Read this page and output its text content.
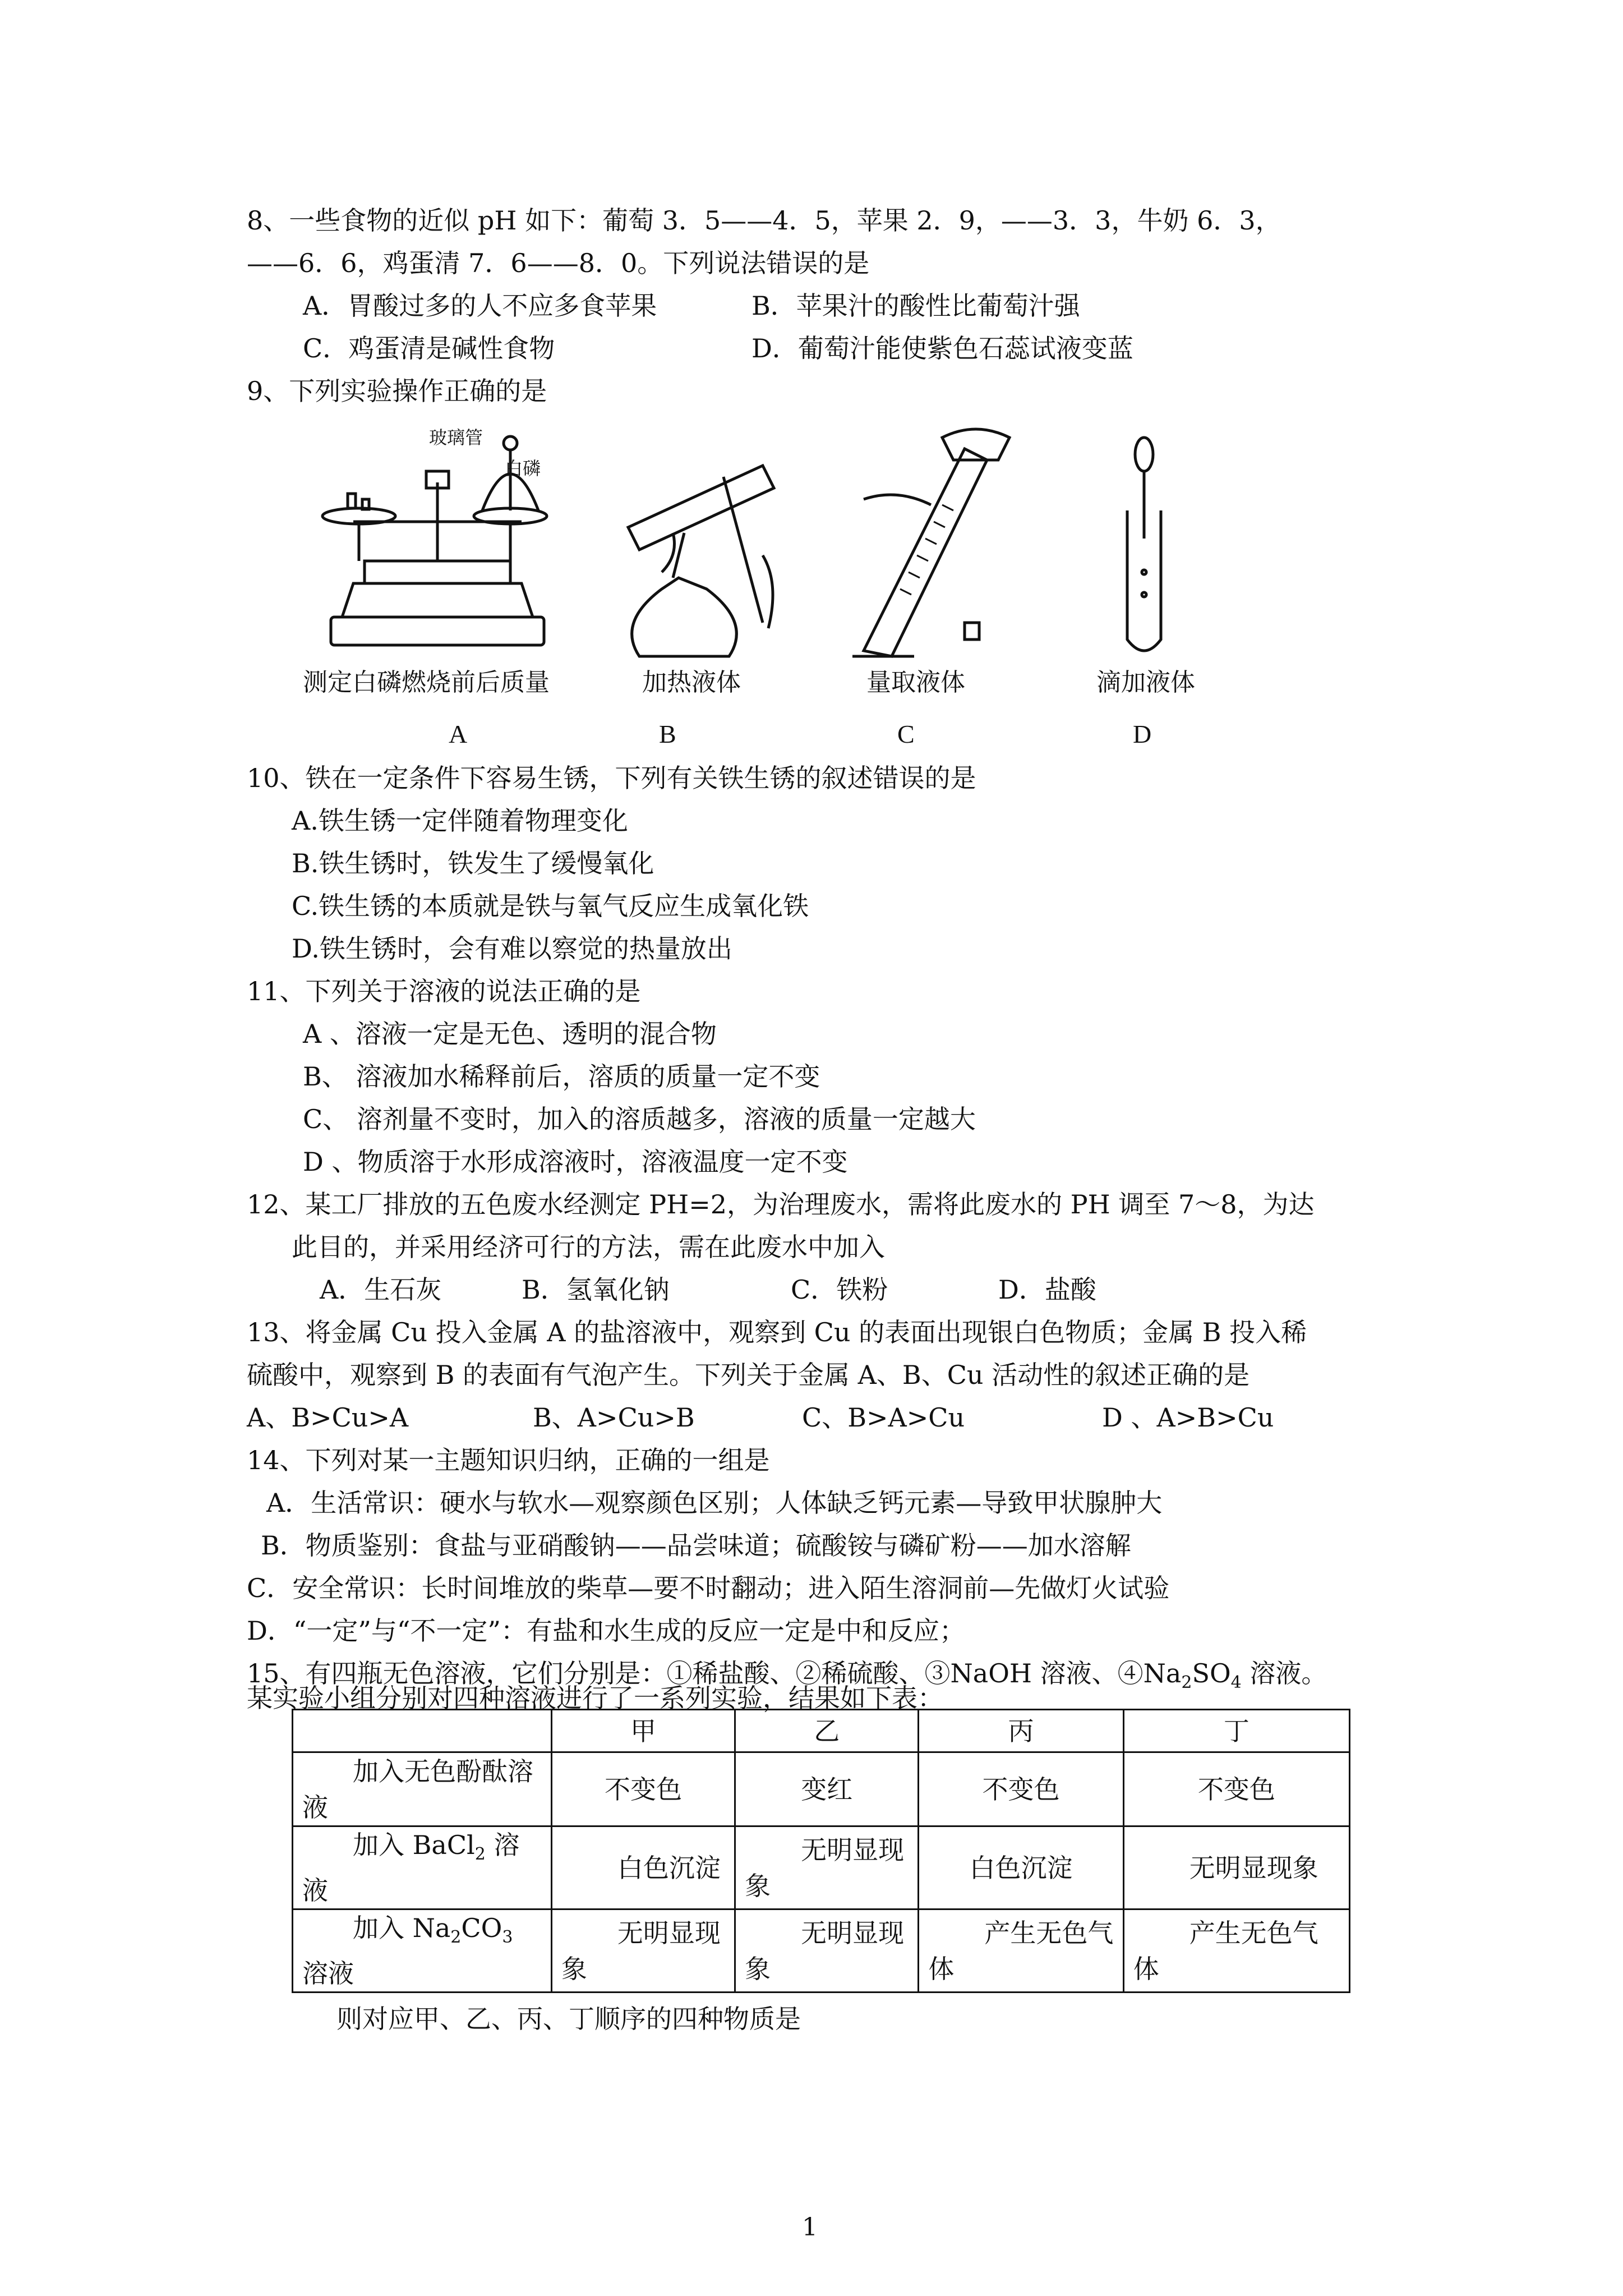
8、一些食物的近似 pH 如下：葡萄 3．5——4．5，苹果 2．9，——3．3，牛奶 6．3，
——6．6，鸡蛋清 7．6——8．0。下列说法错误的是
A．胃酸过多的人不应多食苹果	B．苹果汁的酸性比葡萄汁强
C．鸡蛋清是碱性食物	D．葡萄汁能使紫色石蕊试液变蓝
9、下列实验操作正确的是
玻璃管
白磷
测定白磷燃烧前后质量	加热液体	量取液体	滴加液体
A	B	C	D
10、铁在一定条件下容易生锈，下列有关铁生锈的叙述错误的是
A.铁生锈一定伴随着物理变化
B.铁生锈时，铁发生了缓慢氧化
C.铁生锈的本质就是铁与氧气反应生成氧化铁
D.铁生锈时，会有难以察觉的热量放出
11、下列关于溶液的说法正确的是
A 、溶液一定是无色、透明的混合物
B、 溶液加水稀释前后，溶质的质量一定不变
C、 溶剂量不变时，加入的溶质越多，溶液的质量一定越大
D 、物质溶于水形成溶液时，溶液温度一定不变
12、某工厂排放的五色废水经测定 PH=2，为治理废水，需将此废水的 PH 调至 7～8，为达
此目的，并采用经济可行的方法，需在此废水中加入
A．生石灰	B．氢氧化钠	C．铁粉	D．盐酸
13、将金属 Cu 投入金属 A 的盐溶液中，观察到 Cu 的表面出现银白色物质；金属 B 投入稀
硫酸中，观察到 B 的表面有气泡产生。下列关于金属 A、B、Cu 活动性的叙述正确的是
A、B>Cu>A	B、A>Cu>B	C、B>A>Cu	D 、A>B>Cu
14、下列对某一主题知识归纳，正确的一组是
A．生活常识：硬水与软水—观察颜色区别；人体缺乏钙元素—导致甲状腺肿大
B．物质鉴别：食盐与亚硝酸钠——品尝味道；硫酸铵与磷矿粉——加水溶解
C．安全常识：长时间堆放的柴草—要不时翻动；进入陌生溶洞前—先做灯火试验
D．“一定”与“不一定”：有盐和水生成的反应一定是中和反应；
15、有四瓶无色溶液，它们分别是：①稀盐酸、②稀硫酸、③NaOH 溶液、$④Na_2SO_4$ 溶液。
某实验小组分别对四种溶液进行了一系列实验，结果如下表：
	甲	乙	丙	丁
加入无色酚酞溶液	不变色	变红	不变色	不变色
加入 BaCl$_2$ 溶液	白色沉淀	无明显现象	白色沉淀	无明显现象
加入 $Na_2CO_3$ 溶液	无明显现象	无明显现象	产生无色气体	产生无色气体
则对应甲、乙、丙、丁顺序的四种物质是
1
